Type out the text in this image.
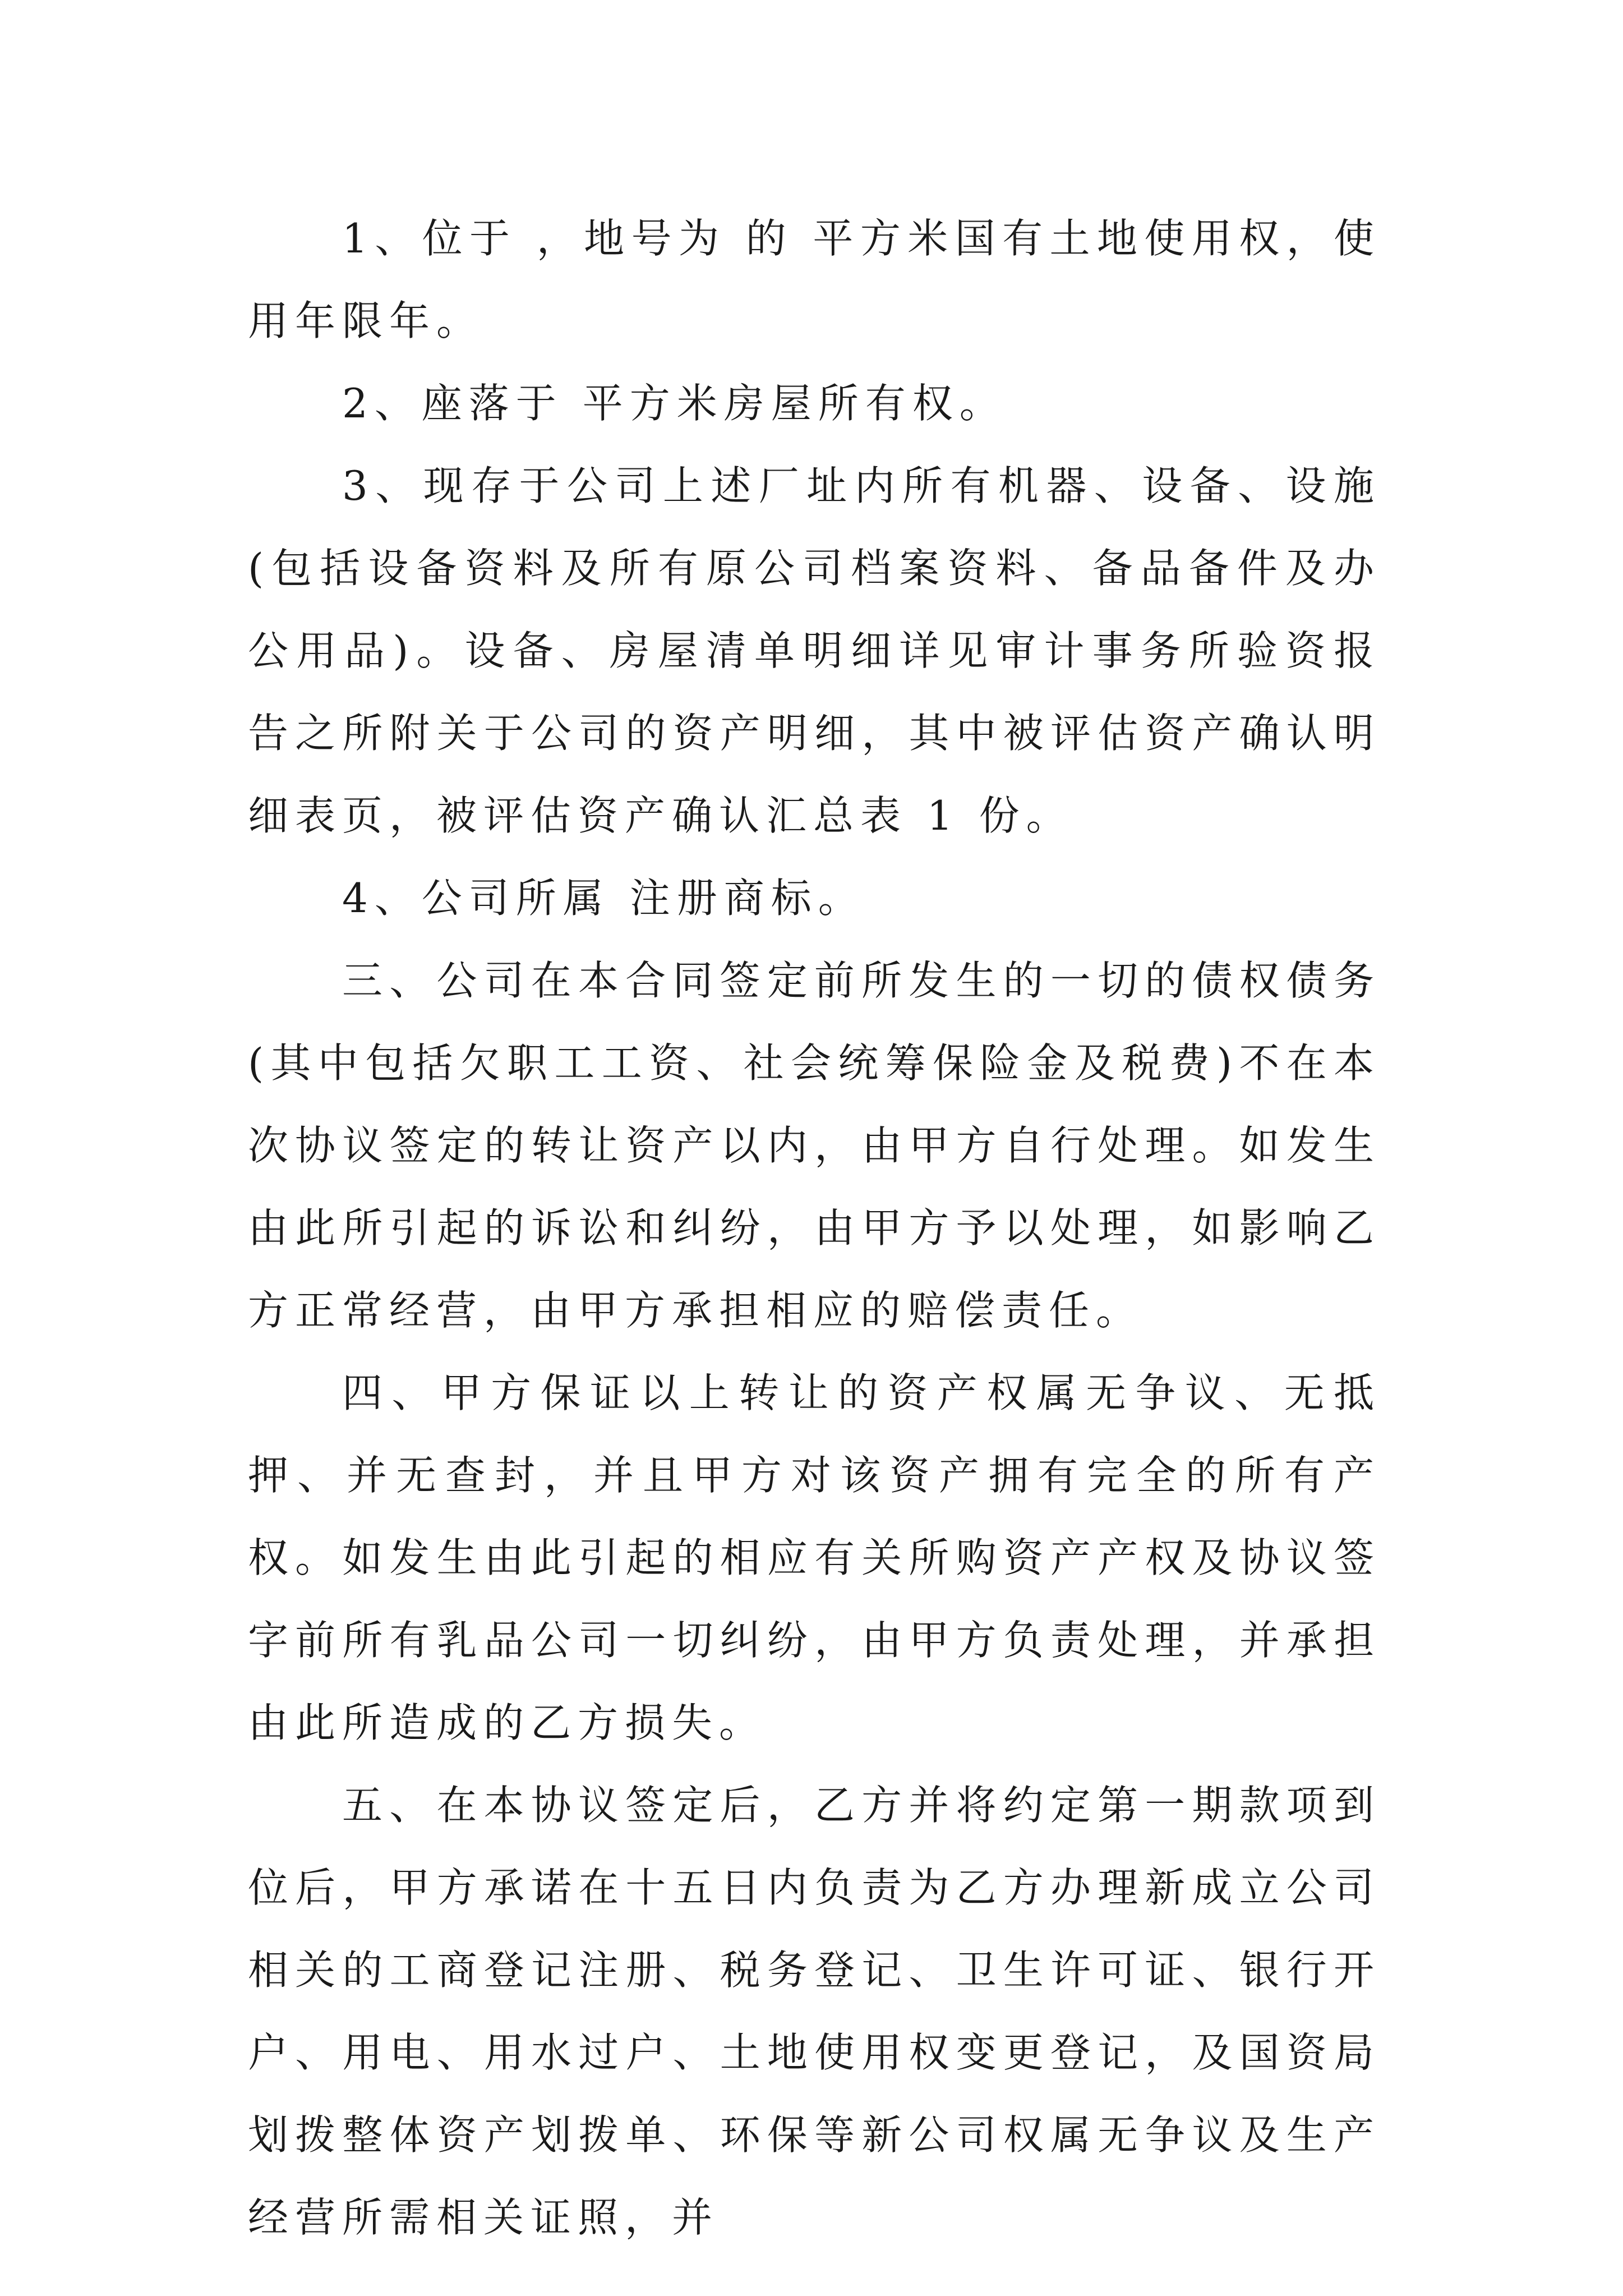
1、位于 ，地号为 的 平方米国有土地使用权，使用年限年。

2、座落于 平方米房屋所有权。

3、现存于公司上述厂址内所有机器、设备、设施(包括设备资料及所有原公司档案资料、备品备件及办公用品)。设备、房屋清单明细详见审计事务所验资报告之所附关于公司的资产明细，其中被评估资产确认明细表页，被评估资产确认汇总表 1 份。

4、公司所属 注册商标。

三、公司在本合同签定前所发生的一切的债权债务(其中包括欠职工工资、社会统筹保险金及税费)不在本次协议签定的转让资产以内，由甲方自行处理。如发生由此所引起的诉讼和纠纷，由甲方予以处理，如影响乙方正常经营，由甲方承担相应的赔偿责任。

四、甲方保证以上转让的资产权属无争议、无抵押、并无查封，并且甲方对该资产拥有完全的所有产权。如发生由此引起的相应有关所购资产产权及协议签字前所有乳品公司一切纠纷，由甲方负责处理，并承担由此所造成的乙方损失。

五、在本协议签定后，乙方并将约定第一期款项到位后，甲方承诺在十五日内负责为乙方办理新成立公司相关的工商登记注册、税务登记、卫生许可证、银行开户、用电、用水过户、土地使用权变更登记，及国资局划拨整体资产划拨单、环保等新公司权属无争议及生产经营所需相关证照，并
